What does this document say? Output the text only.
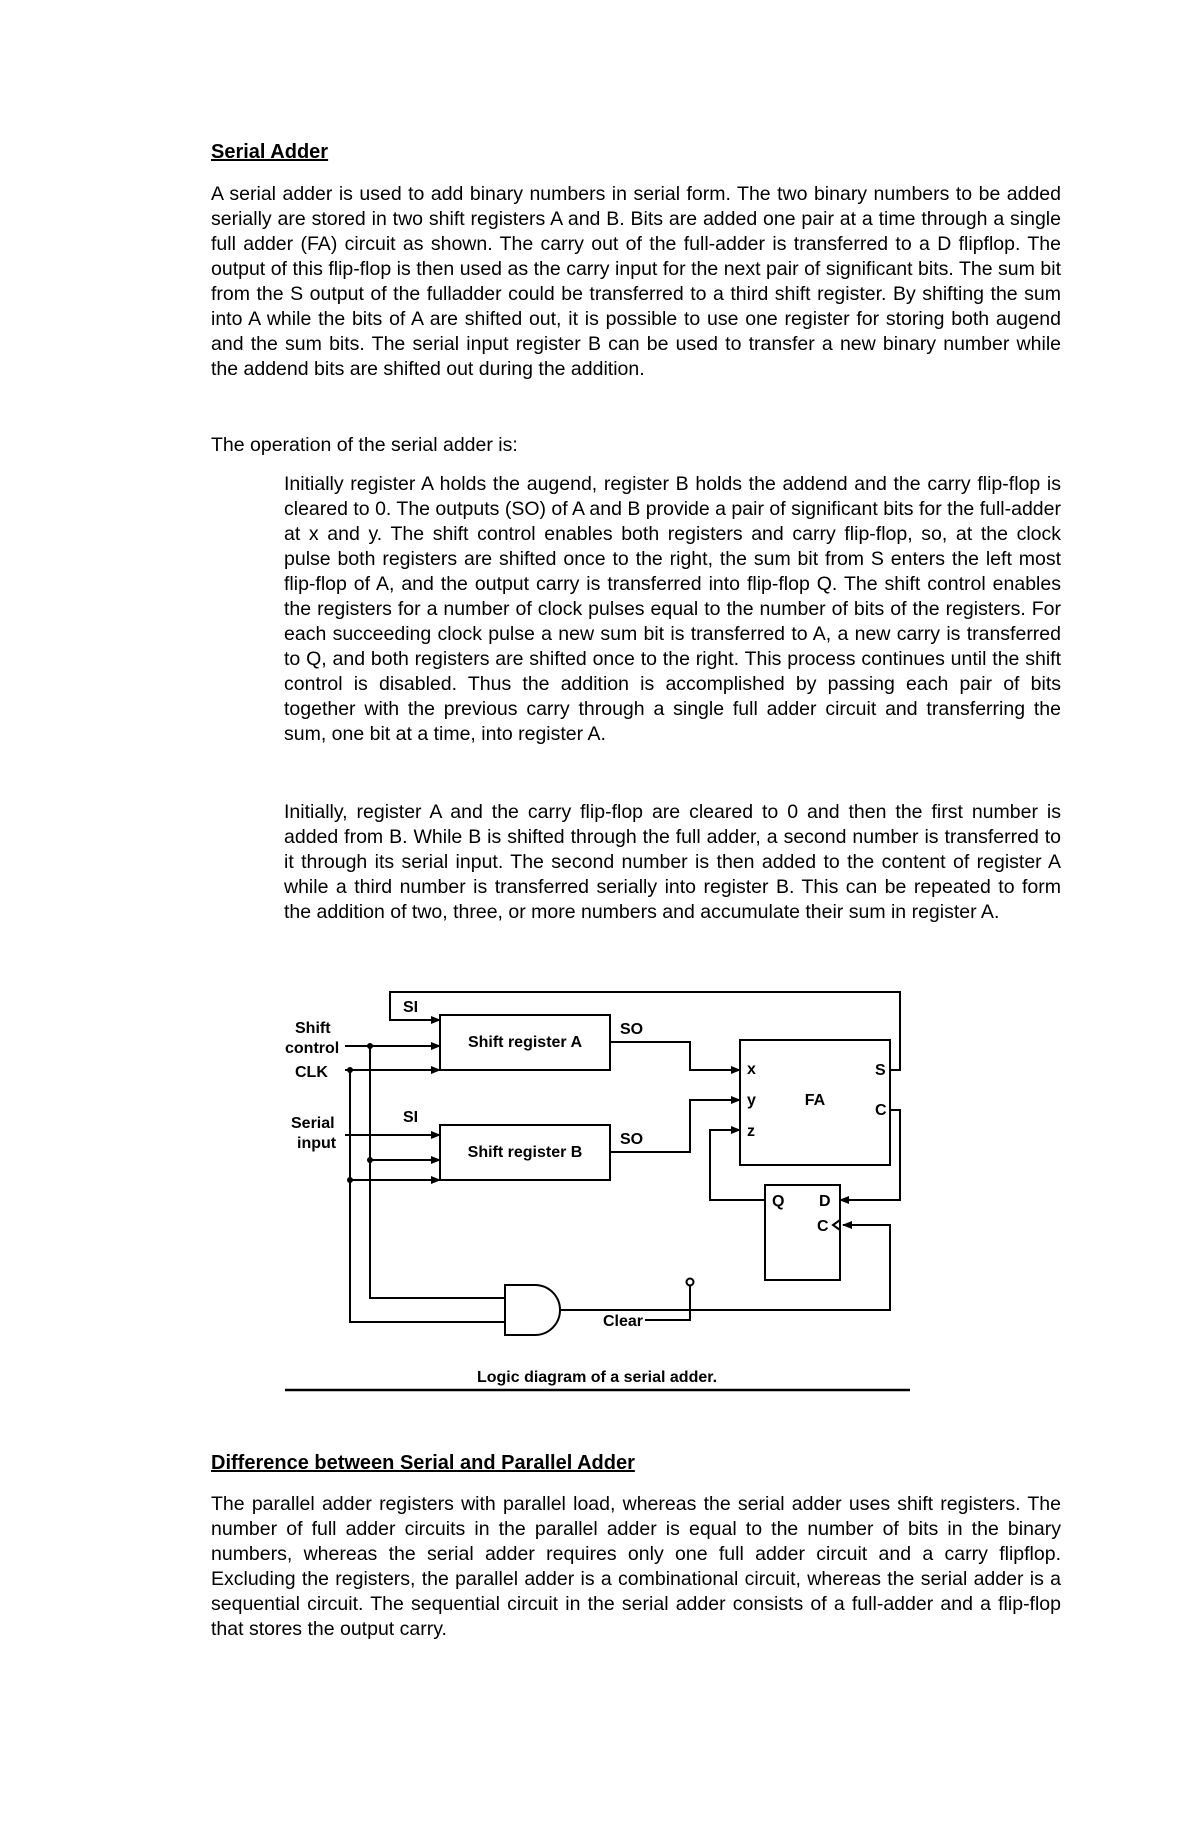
Serial Adder

A serial adder is used to add binary numbers in serial form. The two binary numbers to be added serially are stored in two shift registers A and B. Bits are added one pair at a time through a single full adder (FA) circuit as shown. The carry out of the full-adder is transferred to a D flipflop. The output of this flip-flop is then used as the carry input for the next pair of significant bits. The sum bit from the S output of the fulladder could be transferred to a third shift register. By shifting the sum into A while the bits of A are shifted out, it is possible to use one register for storing both augend and the sum bits. The serial input register B can be used to transfer a new binary number while the addend bits are shifted out during the addition.

The operation of the serial adder is:

Initially register A holds the augend, register B holds the addend and the carry flip-flop is cleared to 0. The outputs (SO) of A and B provide a pair of significant bits for the full-adder at x and y. The shift control enables both registers and carry flip-flop, so, at the clock pulse both registers are shifted once to the right, the sum bit from S enters the left most flip-flop of A, and the output carry is transferred into flip-flop Q. The shift control enables the registers for a number of clock pulses equal to the number of bits of the registers. For each succeeding clock pulse a new sum bit is transferred to A, a new carry is transferred to Q, and both registers are shifted once to the right. This process continues until the shift control is disabled. Thus the addition is accomplished by passing each pair of bits together with the previous carry through a single full adder circuit and transferring the sum, one bit at a time, into register A.

Initially, register A and the carry flip-flop are cleared to 0 and then the first number is added from B. While B is shifted through the full adder, a second number is transferred to it through its serial input. The second number is then added to the content of register A while a third number is transferred serially into register B. This can be repeated to form the addition of two, three, or more numbers and accumulate their sum in register A.

Shift
control
CLK
Serial
input
SI
SI
SO
SO
Shift register A
Shift register B
FA
x
y
z
S
C
Q D
C
Clear
Logic diagram of a serial adder.
Difference between Serial and Parallel Adder

The parallel adder registers with parallel load, whereas the serial adder uses shift registers. The number of full adder circuits in the parallel adder is equal to the number of bits in the binary numbers, whereas the serial adder requires only one full adder circuit and a carry flipflop. Excluding the registers, the parallel adder is a combinational circuit, whereas the serial adder is a sequential circuit. The sequential circuit in the serial adder consists of a full-adder and a flip-flop that stores the output carry.
